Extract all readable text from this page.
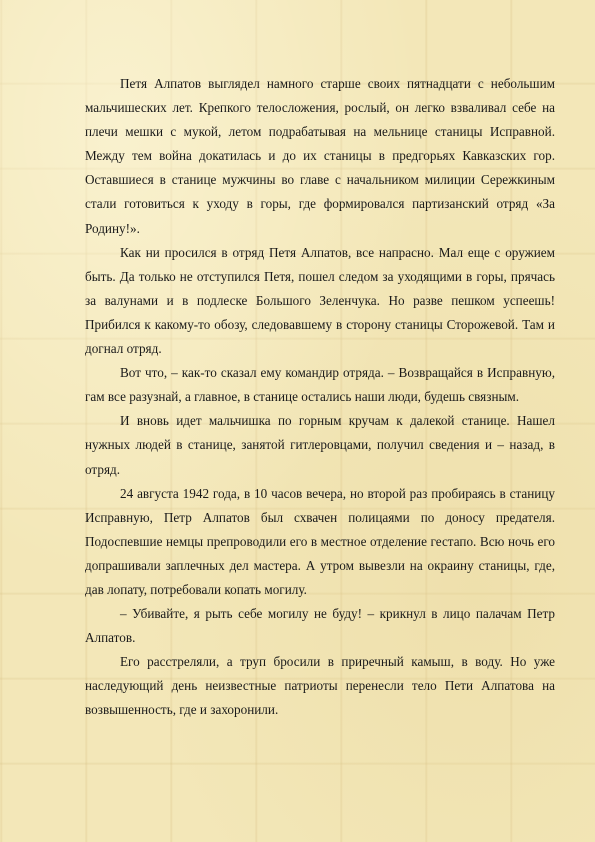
Петя Алпатов выглядел намного старше своих пятнадцати с небольшим мальчишеских лет. Крепкого телосложения, рослый, он легко взваливал себе на плечи мешки с мукой, летом подрабатывая на мельнице станицы Исправной. Между тем война докатилась и до их станицы в предгорьях Кавказских гор. Оставшиеся в станице мужчины во главе с начальником милиции Сережкиным стали готовиться к уходу в горы, где формировался партизанский отряд «За Родину!».

Как ни просился в отряд Петя Алпатов, все напрасно. Мал еще с оружием быть. Да только не отступился Петя, пошел следом за уходящими в горы, прячась за валунами и в подлеске Большого Зеленчука. Но разве пешком успеешь! Прибился к какому-то обозу, следовавшему в сторону станицы Сторожевой. Там и догнал отряд.

Вот что, – как-то сказал ему командир отряда. – Возвращайся в Исправную, гам все разузнай, а главное, в станице остались наши люди, будешь связным.

И вновь идет мальчишка по горным кручам к далекой станице. Нашел нужных людей в станице, занятой гитлеровцами, получил сведения и – назад, в отряд.

24 августа 1942 года, в 10 часов вечера, но второй раз пробираясь в станицу Исправную, Петр Алпатов был схвачен полицаями по доносу предателя. Подоспевшие немцы препроводили его в местное отделение гестапо. Всю ночь его допрашивали заплечных дел мастера. А утром вывезли на окраину станицы, где, дав лопату, потребовали копать могилу.

– Убивайте, я рыть себе могилу не буду! – крикнул в лицо палачам Петр Алпатов.

Его расстреляли, а труп бросили в приречный камыш, в воду. Но уже наследующий день неизвестные патриоты перенесли тело Пети Алпатова на возвышенность, где и захоронили.
